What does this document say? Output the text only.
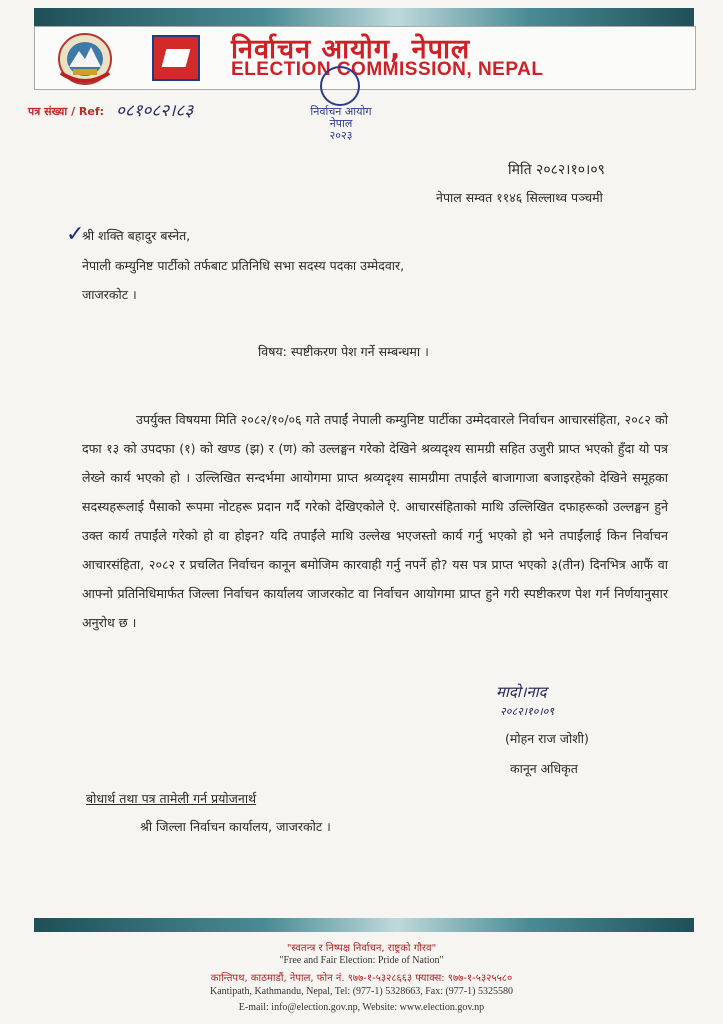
निर्वाचन आयोग, नेपाल
ELECTION COMMISSION, NEPAL
निर्वाचन आयोग
नेपाल
२०२३
पत्र संख्या / Ref: ०८१०८२।८३
मिति २०८२।१०।०९
नेपाल सम्वत ११४६ सिल्लाथ्व पञ्चमी
✓
श्री शक्ति बहादुर बस्नेत,
नेपाली कम्युनिष्ट पार्टीको तर्फबाट प्रतिनिधि सभा सदस्य पदका उम्मेदवार,
जाजरकोट ।
विषय: स्पष्टीकरण पेश गर्ने सम्बन्धमा ।

उपर्युक्त विषयमा मिति २०८२/१०/०६ गते तपाईं नेपाली कम्युनिष्ट पार्टीका उम्मेदवारले निर्वाचन आचारसंहिता, २०८२ को दफा १३ को उपदफा (१) को खण्ड (झ) र (ण) को उल्लङ्घन गरेको देखिने श्रव्यदृश्य सामग्री सहित उजुरी प्राप्त भएको हुँदा यो पत्र लेख्ने कार्य भएको हो । उल्लिखित सन्दर्भमा आयोगमा प्राप्त श्रव्यदृश्य सामग्रीमा तपाईंले बाजागाजा बजाइरहेको देखिने समूहका सदस्यहरूलाई पैसाको रूपमा नोटहरू प्रदान गर्दै गरेको देखिएकोले ऐ. आचारसंहिताको माथि उल्लिखित दफाहरूको उल्लङ्घन हुने उक्त कार्य तपाईंले गरेको हो वा होइन? यदि तपाईंले माथि उल्लेख भएजस्तो कार्य गर्नु भएको हो भने तपाईंलाई किन निर्वाचन आचारसंहिता, २०८२ र प्रचलित निर्वाचन कानून बमोजिम कारवाही गर्नु नपर्ने हो? यस पत्र प्राप्त भएको ३(तीन) दिनभित्र आफैं वा आफ्नो प्रतिनिधिमार्फत जिल्ला निर्वाचन कार्यालय जाजरकोट वा निर्वाचन आयोगमा प्राप्त हुने गरी स्पष्टीकरण पेश गर्न निर्णयानुसार अनुरोध छ ।

मादो।नाद
२०८२।१०।०९
(मोहन राज जोशी)
कानून अधिकृत
बोधार्थ तथा पत्र तामेली गर्न प्रयोजनार्थ
श्री जिल्ला निर्वाचन कार्यालय, जाजरकोट ।
"स्वतन्त्र र निष्पक्ष निर्वाचन, राष्ट्रको गौरव"
"Free and Fair Election: Pride of Nation"
कान्तिपथ, काठमाडौं, नेपाल, फोन नं. ९७७-१-५३२८६६३ फ्याक्स: ९७७-१-५३२५५८०
Kantipath, Kathmandu, Nepal, Tel: (977-1) 5328663, Fax: (977-1) 5325580
E-mail: info@election.gov.np, Website: www.election.gov.np
